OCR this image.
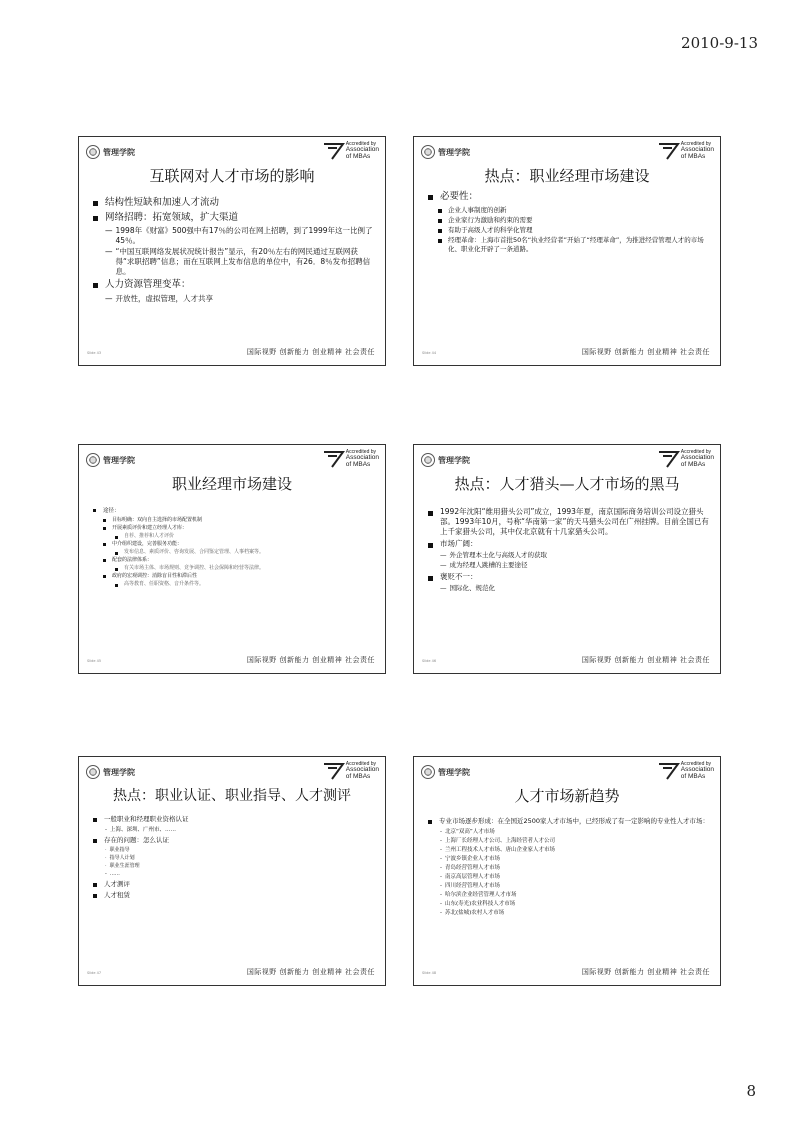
2010-9-13
管理学院
Accredited by
Association
of MBAs
互联网对人才市场的影响
结构性短缺和加速人才流动
网络招聘：拓宽领域，扩大渠道
— 1998年《财富》500强中有17％的公司在网上招聘，到了1999年这一比例了45％。
— “中国互联网络发展状况统计报告”显示，有20％左右的网民通过互联网获得“求职招聘”信息；而在互联网上发布信息的单位中，有26．8％发布招聘信息。
人力资源管理变革：
— 开放性，虚拟管理，人才共享
Slide 43	国际视野 创新能力 创业精神 社会责任
管理学院
Accredited by
Association
of MBAs
热点：职业经理市场建设
必要性：
企业人事制度的创新
企业家行为激励和约束的需要
有助于高级人才的科学化管理
经理革命：上海市首批50名“执业经营者”开始了“经理革命”，为推进经营管理人才的市场化、职业化开辟了一条道路。
Slide 44	国际视野 创新能力 创业精神 社会责任
管理学院
Accredited by
Association
of MBAs
职业经理市场建设
途径：
目标明确：双向自主选择的市场配置机制
开展素质评价和建立经理人才库：
自荐、推荐和人才评价
中介组织建设，完善服务功能：
发布信息、素质评价、咨询发展、合同鉴定管理、人事档案等。
配套的法律体系：
有关市场主体、市场规则、竞争调控、社会保障和经营等法律。
政府的宏观调控：消除盲目性和滞后性
高等教育、任职资格、音升条件等。
Slide 45	国际视野 创新能力 创业精神 社会责任
管理学院
Accredited by
Association
of MBAs
热点：人才猎头—人才市场的黑马
1992年沈阳“维用猎头公司”成立，1993年夏，南京国际商务培训公司设立猎头部。1993年10月，号称“华南第一家”的天马猎头公司在广州挂牌。目前全国已有上千家猎头公司，其中仅北京就有十几家猎头公司。
市场广阔：
— 外企管理本土化与高级人才的获取
— 成为经理人跳槽的主要途径
褒贬不一：
— 国际化、规范化
Slide 46	国际视野 创新能力 创业精神 社会责任
管理学院
Accredited by
Association
of MBAs
热点：职业认证、职业指导、人才测评
一般职业和经理职业资格认证
- 上海、深圳、广州市、……
存在的问题：怎么认证
· 职业指导
· 指导人计划
· 职业生涯管理
- ……
人才测评
人才租赁
Slide 47	国际视野 创新能力 创业精神 社会责任
管理学院
Accredited by
Association
of MBAs
人才市场新趋势
专业市场逐步形成：在全国近2500家人才市场中，已经形成了有一定影响的专业性人才市场：
- 北京“双高”人才市场
- 上海厂长经理人才公司、上海经营者人才公司
- 兰州工程技术人才市场、唐山企业家人才市场
- 宁波乡镇企业人才市场
- 青岛经营管理人才市场
- 南京高层管理人才市场
- 四川经营管理人才市场
- 哈尔滨企业经营管理人才市场
- 山东(寿光)农业科技人才市场
- 苏北(盐城)农村人才市场
Slide 48	国际视野 创新能力 创业精神 社会责任
8
